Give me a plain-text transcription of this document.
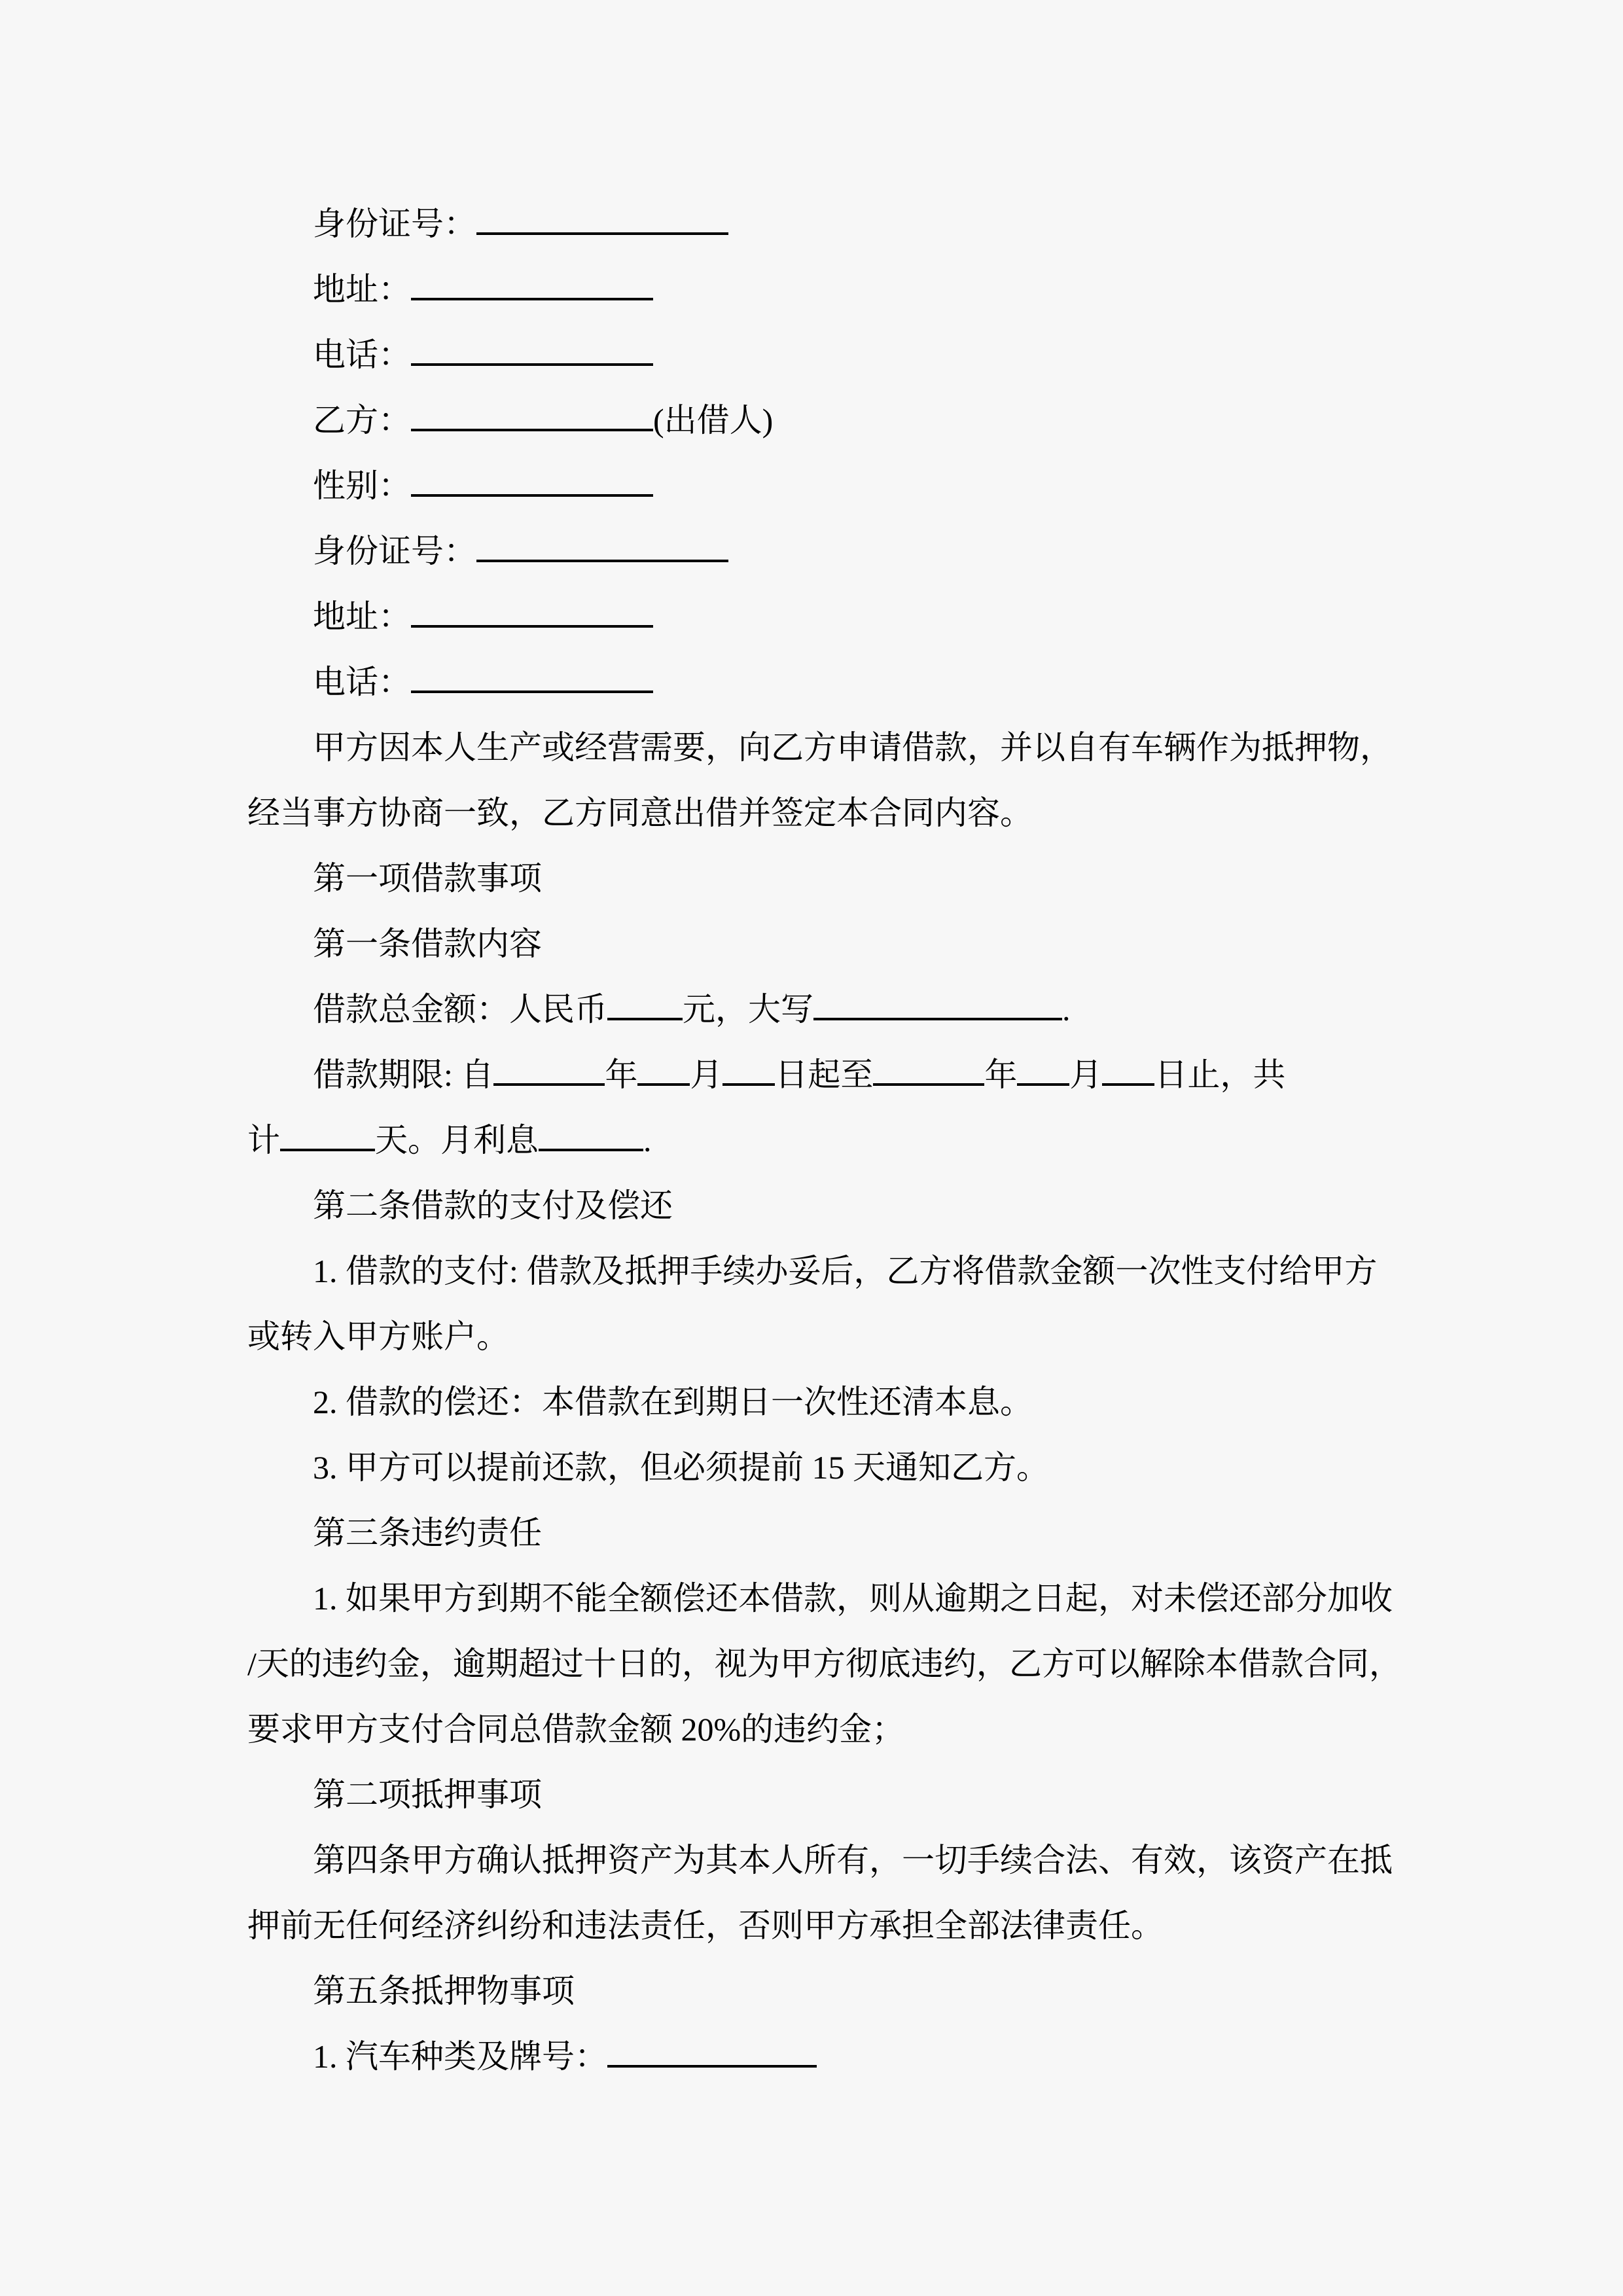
身份证号：

地址：

电话：

乙方：	(出借人)

性别：

身份证号：

地址：

电话：

甲方因本人生产或经营需要，向乙方申请借款，并以自有车辆作为抵押物，

经当事方协商一致，乙方同意出借并签定本合同内容。

第一项借款事项

第一条借款内容

借款总金额：人民币 元，大写	.

借款期限: 自	年 月 日起至	年 月 日止，共

计	天。月利息	.

第二条借款的支付及偿还

1. 借款的支付: 借款及抵押手续办妥后，乙方将借款金额一次性支付给甲方

或转入甲方账户。

2. 借款的偿还：本借款在到期日一次性还清本息。

3. 甲方可以提前还款，但必须提前 15 天通知乙方。

第三条违约责任

1. 如果甲方到期不能全额偿还本借款，则从逾期之日起，对未偿还部分加收

/天的违约金，逾期超过十日的，视为甲方彻底违约，乙方可以解除本借款合同，

要求甲方支付合同总借款金额 20%的违约金；

第二项抵押事项

第四条甲方确认抵押资产为其本人所有，一切手续合法、有效，该资产在抵

押前无任何经济纠纷和违法责任，否则甲方承担全部法律责任。

第五条抵押物事项

1. 汽车种类及牌号：
